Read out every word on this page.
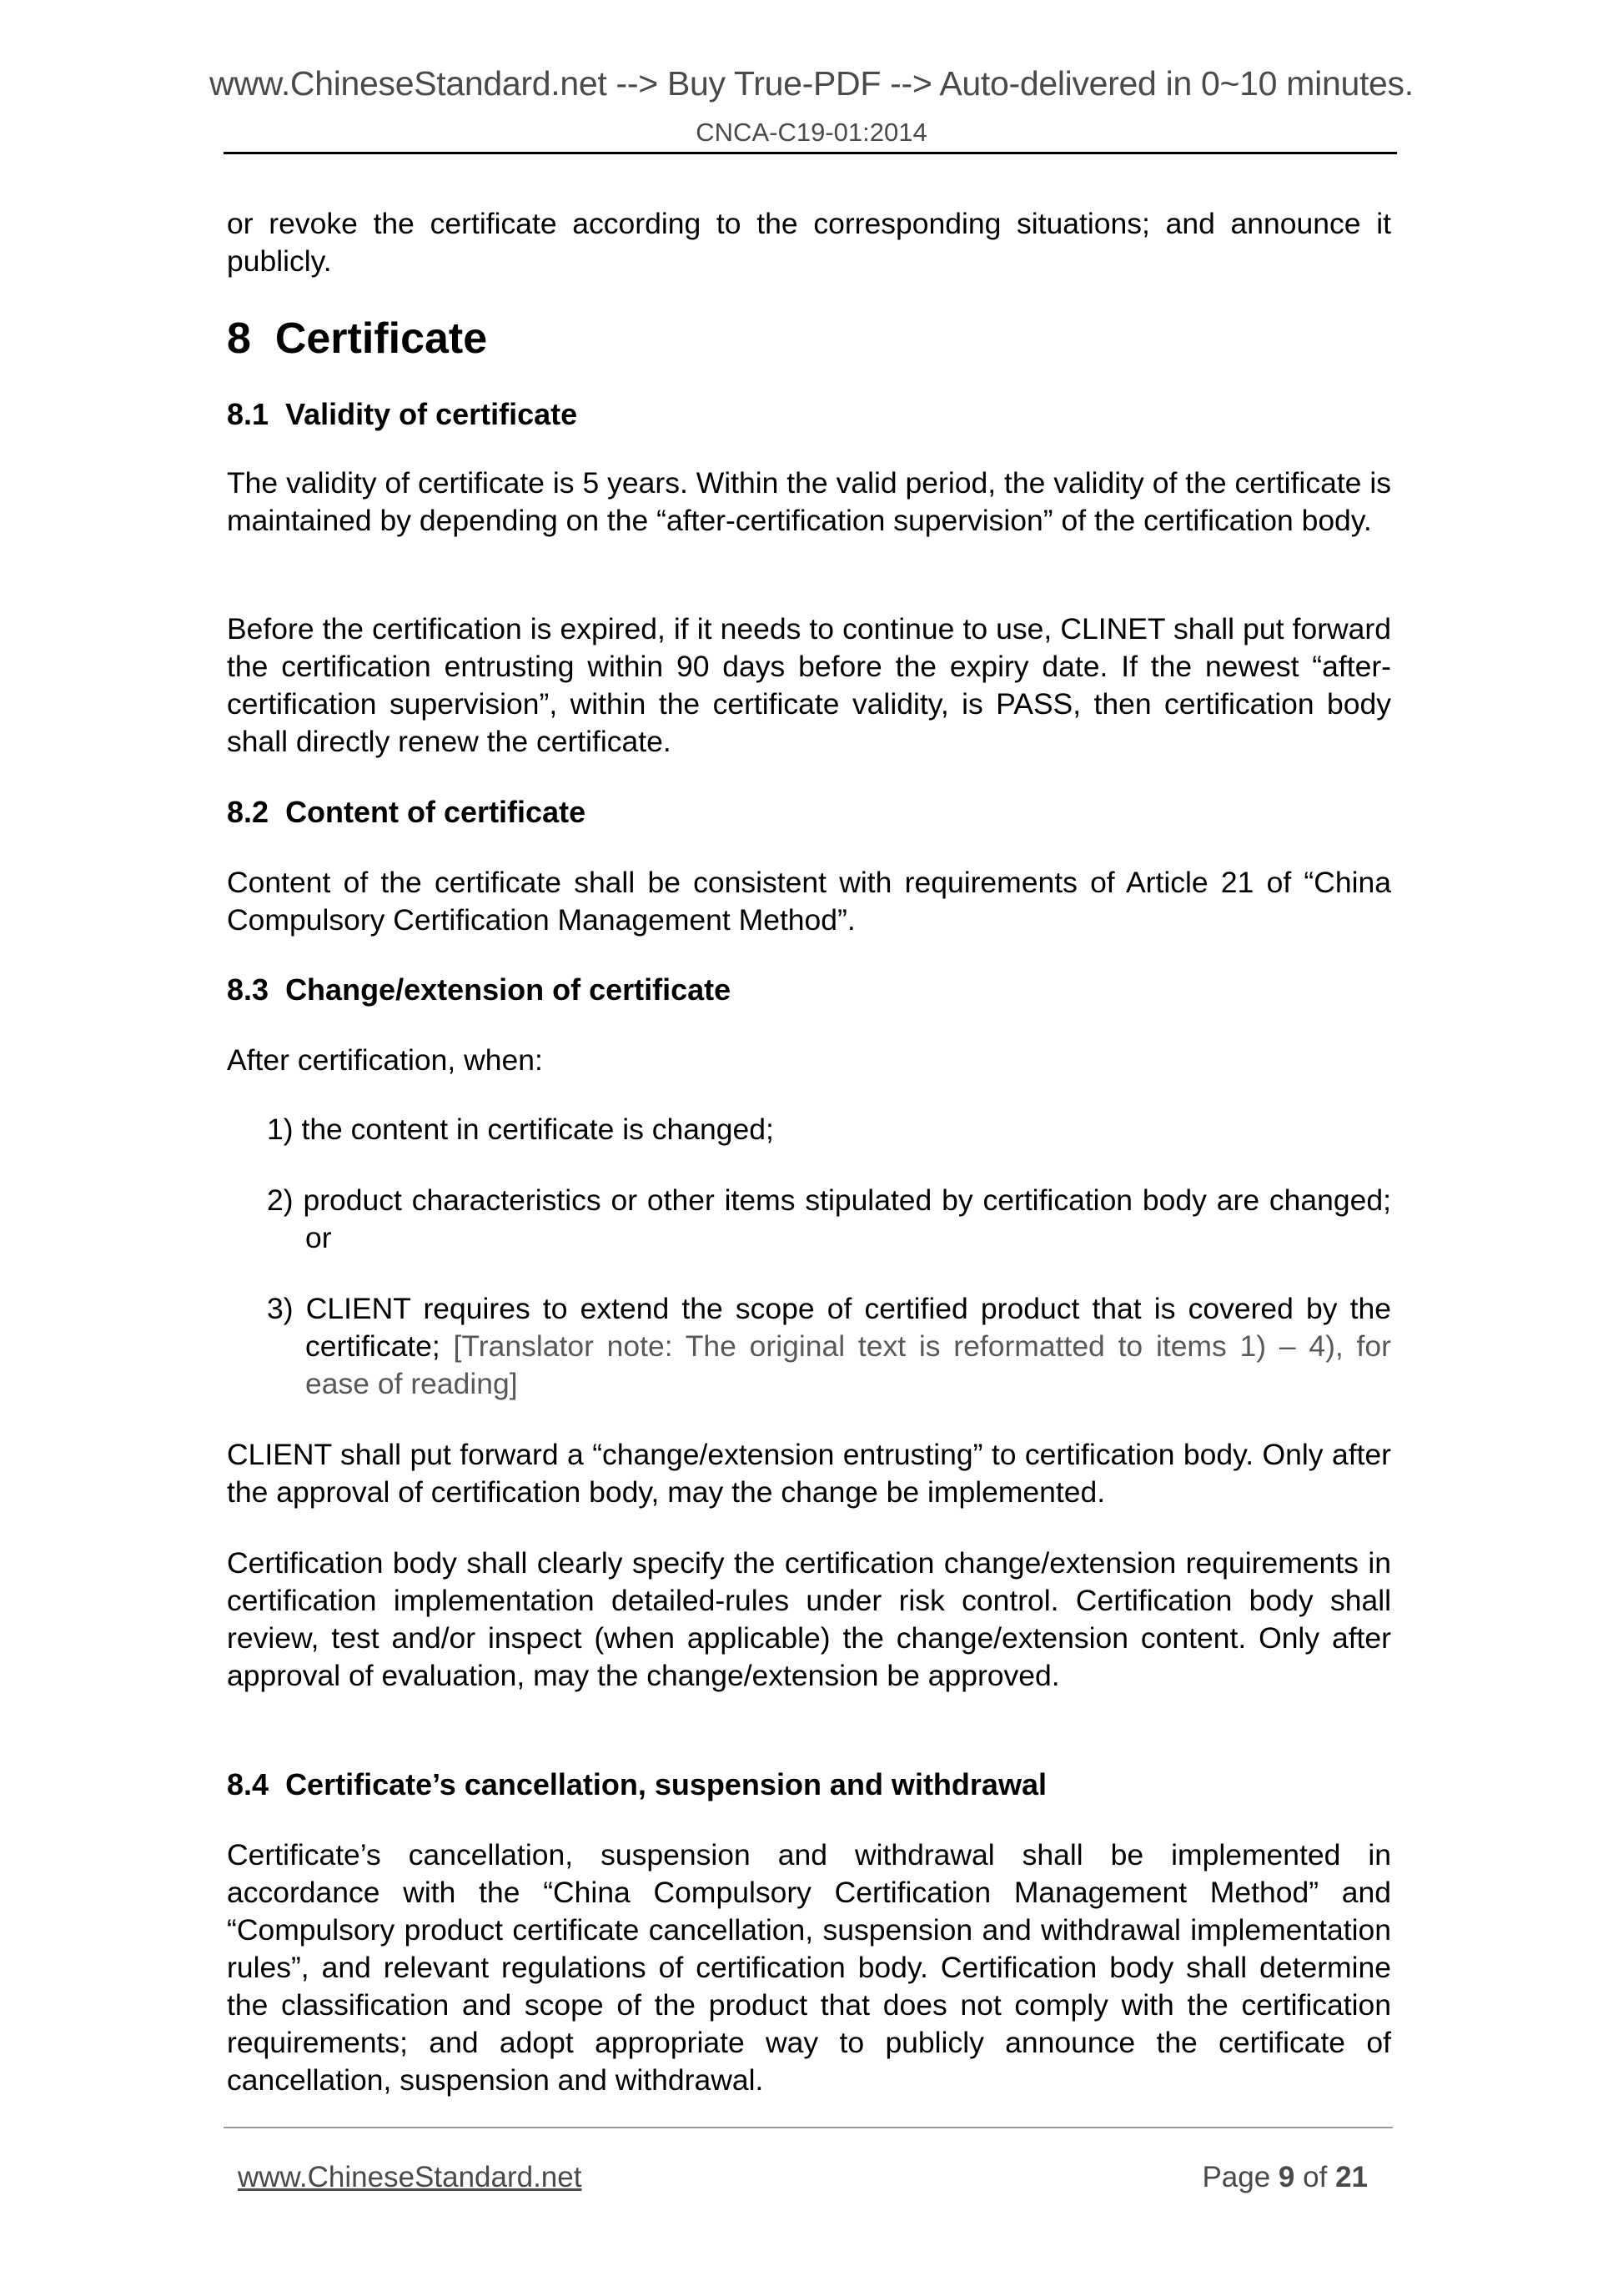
www.ChineseStandard.net --> Buy True-PDF --> Auto-delivered in 0~10 minutes.
CNCA-C19-01:2014
or revoke the certificate according to the corresponding situations; and announce it publicly.
8 Certificate
8.1 Validity of certificate
The validity of certificate is 5 years. Within the valid period, the validity of the certificate is maintained by depending on the “after-certification supervision” of the certification body.
Before the certification is expired, if it needs to continue to use, CLINET shall put forward the certification entrusting within 90 days before the expiry date. If the newest “after-certification supervision”, within the certificate validity, is PASS, then certification body shall directly renew the certificate.
8.2 Content of certificate
Content of the certificate shall be consistent with requirements of Article 21 of “China Compulsory Certification Management Method”.
8.3 Change/extension of certificate
After certification, when:
1) the content in certificate is changed;
2) product characteristics or other items stipulated by certification body are changed; or
3) CLIENT requires to extend the scope of certified product that is covered by the certificate; [Translator note: The original text is reformatted to items 1) – 4), for ease of reading]
CLIENT shall put forward a “change/extension entrusting” to certification body. Only after the approval of certification body, may the change be implemented.
Certification body shall clearly specify the certification change/extension requirements in certification implementation detailed-rules under risk control. Certification body shall review, test and/or inspect (when applicable) the change/extension content. Only after approval of evaluation, may the change/extension be approved.
8.4 Certificate’s cancellation, suspension and withdrawal
Certificate’s cancellation, suspension and withdrawal shall be implemented in accordance with the “China Compulsory Certification Management Method” and “Compulsory product certificate cancellation, suspension and withdrawal implementation rules”, and relevant regulations of certification body. Certification body shall determine the classification and scope of the product that does not comply with the certification requirements; and adopt appropriate way to publicly announce the certificate of cancellation, suspension and withdrawal.
www.ChineseStandard.net	Page 9 of 21
